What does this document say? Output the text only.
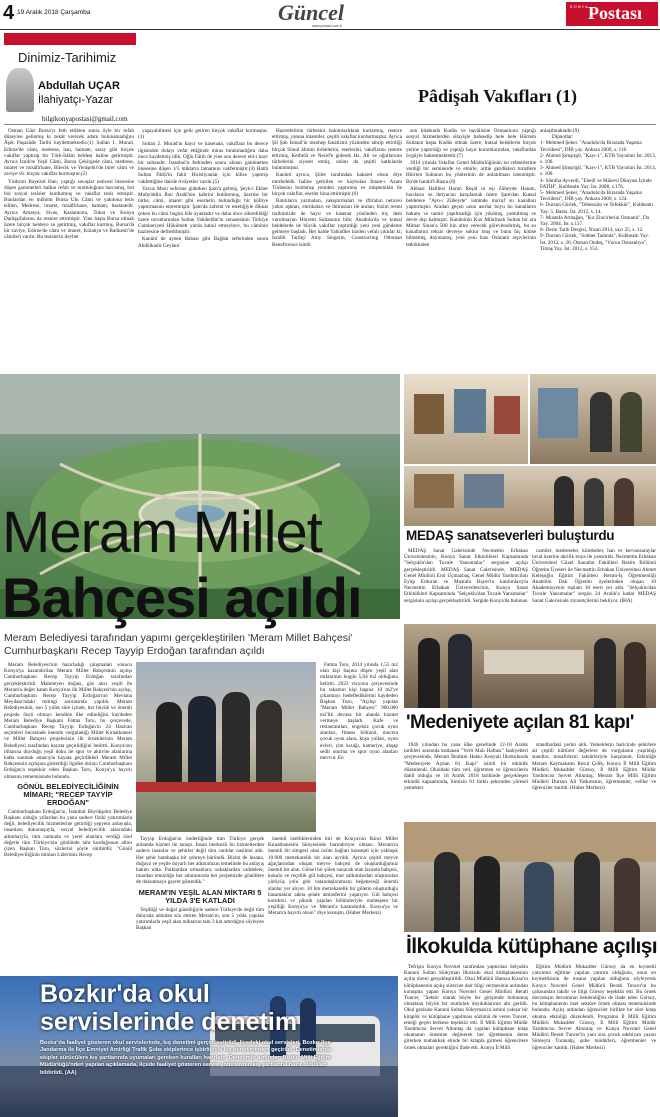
4 19 Aralık 2018 Çarşamba	Güncel
www.postaci.com.tr
KONYA Postası
Dinimiz-Tarihimiz
Abdullah UÇAR
İlahiyatçı-Yazar
bilgikonyapostasi@gmail.com
Pâdişah Vakıfları (1)

Osman Gâzi Bursa'yı feth ettikten sonra öyle bir refah düzeyine gelinmiş ki zekât verecek adam bulunamadığını Âşık Paşazâde Tarihi kaydetmektedir.(1) Sultan I. Murad, Edirne'de câmi, medrese, han, hamam, saray gibi birçok vakıflar yaptırıp bir Türk-İslâm beldesi haline getirmiştir. Ayrıca İznik'te Yeşil Câmi, Bursa Çekirgede câmi, medrese, imaret ve misâfirhane, Bilecik ve Yenişehir'de birer câmi ve zaviye vb. birçok vakıflar kurmuştur.(2)

Yıldırım Bayezid Han; yaptığı savaşlar neticesi hissesine düşen ganimetleri halkın refah ve mutluluğuna harcamış, bol bol sosyal tesisler kurdurmuş ve vakıflar tesis etmiştir. Bunlardan en mühimi Bursa Ulu Câmi ve yakınına tesis edilen, Medrese, imaret, misâfirhane, hamam, hastanedir. Ayrıca Amasya, Sivas, Kastamonu, Tokat ve Konya Darüşşifalarını da restore ettirmiştir. Yine başta Bursa olmak üzere birçok beldeye su getirtmiş, vakıflar kurmuş, Bursa'da bir zaviye, Edirne'de câmi ve imaret, Kütahya ve Balıkesir'de câmileri vardır. Bu tesislerin ileybet

yaşayabilmesi için gelir getiren birçok vakıflar kurmuştur.(3)

Sultan 2. Murad'ın hayır ve hasenata, vakıflara bu derece ilgisinden dolayı vefat ettiğinde miras bırakmadığını daha önce kaydetmiş idik. Oğlu Fâtih de yine son derece ehl-i hayr bir sultandır. İstanbul'u fethinden sonra alınan ganimetten hissesine düşen 1/5 miktarın tamamını vakfetmiştir.(4) Hattâ Sultan Fâtih'in fakir Hıristiyanlar için kilise yaptırıp vakfettiğine dairde rivâyetler vardır.(5)

Yavuz Mısır seferine giderken Şam'a gelmiş, Şeyh-i Ekber Muhyiddin İbni Arabî'nin kabrini buldurmuş, üzerine bir türbe, câmi, imaret gibi eserlerin bulunduğu bir külliye yaptırmasını emretmiştir. Şam'da zaferat ve estetiğiyle dikkat çeken bu câmi bugün bile ayaktadır ve daha önce zikredildiği üzere torunlarından Sultan Vahdeddin'in cenazesinin Türkiye Cumhuriyeti Hükümeti yurda kabul etmeyince, bu câminin haziresine defnedilmiştir.

Kanûnî de aynen Babası gibi Bağdat seferinden sonra Abdülkadir Geylani

Hazretlerinin türbesini bakımsızlıktan kurtarmış, restore ettirmiş, yanına imaretler, çeşitli vakıflar kurdurmuştur. Ayrıca Şil Şah İsmail'in mezhep fanatizmi yüzünden tahrip ettirdiği birçok Sünnî âlimin türbelerini, eserlerini, vakıflarını restore ettirmiş, Kerbelâ ve Necef'e giderek Hz. Ali ve oğullarının türbelerini ziyaret etmiş, onları da çeşitli katkılarda bulunmuştur.

Kanûnî ayrıca, Şiiler tarafından hakaret olsun diye mezbelelik haline getirilen ve kaybolan İmam-ı Azam Türbesini buldurup yeniden yaptırmış ve müştemilâtı ile birçok vakıflar, eserler bina ettirmiştir.(6)

Batılıların yazmaları, yakıştırmaları ve iftiraları neticesi yahni aşkları, entrikaları ve ihtirasları ile anılan, bizim resmi tarihimizde de hayır ve hasenat yönünden hiç dem vurulmayan Hürrem Sultanının bile; Anadolu'da ve kutsal beldelerde ne büyük vakıflar yaptırdığı yeni yeni gündeme gelmeye başladı. Her halde Yahûdîler bizden vefalı çıktılar ki; İsraîlli Tarihçi Amy Singerin, Constructing Ottoman Beneficence isimli

son kitabında Kudüs ve havâlisine Osmanlının yaptığı sosyal hizmetlerden sitayişle bahsedip hele hele Hürrem Sultanın başta Kudüs olmak üzere, kutsal beldelerin birçok yerine yaptırdığı ve yaptığı hayır kurumlarından, vakıflardan övgüyle bahsetmektedir.(7)

2014 yılında Vakıflar Genel Müdürlüğünün tur rehberlerine verdiği bir seminerde ve emirle, arttık gezdikleri turistlere Hürrem Sultanın bu yönlerinin de anlatılması istenmiştir. Bu'de harabi'l-Basra.(8)

Abbasi Halifesi Harun Reşid in eşi Zübeyde Hanım, hacıların su ihtiyacını karşılamak üzere Şam'dan Kutsal beldelere "Ayn-ı Zübeyde" isminde ma'ruf su kanalları yaptırmıştır. Aradan geçen uzun asırlar boyu bu kanalların bakımı ve tamiri yapılmadığı için yıkılmış, yamulmuş ve devre dışı kalmıştır. Kanûnînin Kızı Mihrimah Sultan bir ara Mimar Sinan'a 500 bin altın verecek görevlendirmiş, bu su kanallarını tekrar devreye soktur muş ve bunu hiç kimse bilmemiş, duymamış, yeni yeni bazı Osmanlı arşivlerinin tetkikinden

anlaşılmaktadır.(9)
Dipnotlar:
1- Mehmed Şeker. "Anadolu'da Bırarada Yaşama Tecrübesi", DİB yay. Ankara 2000, s. 116.
2- Ahmed Şimşirgil, "Kayı-1", KTB Yayınları İst. 2013, s. 100.
3- Ahmed Şimşirgil, "Kayı-1", KTB Yayınları İst. 2013, s. 100.
4- Sâmiha Ayverdi, "Ehedî ve Mânevî Dünyası İçinde FATİH", Kubbealtı Yay. İst. 2008, s.176.
5- Mehmed Şeker, "Anadolu'da Bırarada Yaşama Tecrübesi", DİB yay. Ankara 2000, s. 124.
6- Dursun Gürlek, "Tebessüm ve Tefekkür", Kubbealtı Yay. 5. Baskı, İst. 2012, s. 14.
7- Mustafa Armağan, "Kır Zincirlerini Osmanlı", Da Yay. 2004, İst. s.137.
8- Derin Tarih Dergisi, Nisan 2014, sayı 25, s. 12.
9- Dursun Gürlek, "Sohbet Tadında", Kubbealtı Yay. İst. 2012, s. 26; Osman Ondeş, "Vurun Osmanlıya", Timaş Yay. İst. 2012, s. 153.
MEDAŞ sanatseverleri buluşturdu

MEDAŞ Sanat Galerisinde Necmettin Erbakan Üniversitesinin, Konya Sanat Etkinlikleri Kapsamında "Selçuklu'dan Tuvale Yansımalar" sergisine açılışı gerçekleştirildi. MEDAŞ Sanat Galerisinde, MEDAŞ Genel Müdürü Erol Uçmazbaş, Genel Müdür Yardımcıları Eyüp Erduran ve Mustafa Bayer'in katılımlarıyla Necmettin Erbakan Üniversitesi'nin, Konya Sanat Etkinlikleri Kapsamında "Selçuklu'dan Tuvale Yansımalar" sergisinin açılışı gerçekleştirildi. Sergide Konya'da bulunan

camiler, medreseler, kümbetler, han ve kervansaraylar tuval üzerine akrilik boya ile yansıtıldı. Necmettin Erbakan Üniversitesi Güzel Sanatlar Fakültesi Resim Bölümü Öğretim Üyeleri ile Necmettin Erbakan Üniversitesi Ahmet Keleşoğlu Eğitim Fakültesi Resim-İş Öğretmenliği Anabilim Dalı Öğretim üyelerinden oluşan 10 Akademisyenin toplam 30 eseri yer aldı. "Selçuklu'dan Tuvale Yansımalar" sergisi 24 Aralık'a kadar MEDAŞ Sanat Galerisinde ziyaretçilerini bekliyor. (İHA)

Meram Millet
Bahçesi açıldı
Meram Belediyesi tarafından yapımı gerçekleştirilen 'Meram Millet Bahçesi' Cumhurbaşkanı Recep Tayyip Erdoğan tarafından açıldı

Meram Belediyesi'nin hazırladığı çalışmaları sonucu Konya'ya kazandırılan Meram Millet Bahçesinin açılışı Cumhurbaşkanı Recep Tayyip Erdoğan tarafından gerçekleştirildi. Mahmeyen doğası, göz alıcı yeşili ile Meram'a değer katan Konya'nın ilk Millet Bahçesi'nin açılışı, Cumhurbaşkanı Recep Tayyip Erdoğan'nın Mevlana Meydanı'ndaki mitingi sonrasında yapıldı. Meram Belediyesinin, son 5 yıllık süre içinde, her büyük ve önemli projede öncü olmayı kendine ilke edindiğini kaydeden Meram Belediye Başkanı Fatma Toru, bu çerçevede, Cumhurbaşkanı Recep Tayyip Erdoğan'ın 24 Haziran seçimleri öncesinde önemle vurguladığı Millet Kıraathanesi ve Millet Bahçesi projelerinin ilk örneklerinin Meram Belediyesi tarafından hayata geçirildiğini belirtti. Konya'nın itibarına duyduğu yeşil doku ile spor ve aktivite alanlarına katkı sunmak amacıyla hayata geçirdikleri Meram Millet Bahçesinin açılışına gösterdiği ilgiden dolayı Cumhurbaşkanı Erdoğan'a teşekkür eden Başkan Toru, Konya'ya hayırlı olmasını temennisinde bulundu.

GÖNÜL BELEDİYECİLİĞİNİN MİMARI; "RECEP TAYYİP ERDOĞAN"

Cumhurbaşkanı Erdoğan'ın, İstanbul Büyükşehir Belediye Başkanı olduğu yıllardan bu yana sadece fiziki yatırımlarla değil, belediyecilik hizmetlerine getirdiği yepyeni anlayışla, insanlara dokunuşuyla, sosyal belediyecilik alanındaki adımlarıyla, tüm camiada ve yerel alanlara verdiği özel değerle tüm Türkiye'nin gönlünde taht kurduğunun altını çizen Başkan Toru, sözlerini şöyle sürdürdü; "Gönül Belediyeciliğinin mimarı Liderimiz Recep

Fatma Toru, 2014 yılında 1,55 m2 olan kişi başına düşen yeşil alan miktarının bugün 5,64 m2 olduğunu belirtti. 2023 vizyonu çerçevesinde bu rakamın kişi başına 10 m2'ye çıkarmayı hedeflediklerini kaydeden Başkan Toru, "Açılışı yapılan "Meram Millet Bahçesi" 900.000 m2'lik devasa bir alanda hizmet vermeye başladı. Kafe ve restaurantları, engelsiz çocuk oyun alanları, fitness bölümü, mucera çocuk oyun alanı, koşu yolları, oyun evleri, çim kızağı, kameriye, ahşap sedir oturma ve spor oyun alanları mevcut. En

Tayyip Erdoğan'ın önderliğinde tüm Türkiye gerçek anlamda hizmet ile tanıştı. İnsan merkezli bu hizmetlerden sadece insanlar ve şehirler değil tüm canlılar nasibini aldı. Her şehir bambaşka bir çehreye büründü. Bizim de insana, doğaya ve yeşile duyarlı her adımımızın temelinde bu anlayış hakim olda. Parklardan ormanlara, sokaklardan caddelere, imardan temizliğe her adımımızda her projemizde gönüllere de dokunmaya gayret gösterdik."

MERAM'IN YEŞİL ALAN MİKTARI 5 YILDA 3'E KATLADI

Yeşilliği ve doğal güzelliğiyle sadece Türkiye'de değil tüm dünyada adından söz ettiren Meram'ın, son 5 yılda yapılan yatırımlarla yeşil alan miktarını tam 3 kat artırdığını söyleyen Başkan

önemli özelliklerinden biri de Konya'nın İkinci Millet Kıraathanesini bünyesinde barındırıyor olması. Meram'ın önemli bir simgesi olan üzüm bağları konsepti için yaklaşık 10.000 metrekarelik bir alan ayrıldı. Ayrıca çeşitli meyve ağaçlarından oluşan meyve bahçesi de oluşturduğumuz önemli bir alan. Görsel bir şölen sunacak olan lavanta bahçesi, kokulu ve reçellik gül bahçesi, mor salkımlardan oluşturulan yürüyüş yolu gibi vatandaşlarımızın beğeneceği önemli alanlar yer alıyor. 10 bin metrekarelik bir göletin oluşturduğu basamaklar adeta şelale atmosferini yaşatıyor. Gül bahçesi koridoru ve piknik yapılan bölümleriyle muhteşem bir yeşilliği Konya'ya ve Meram'a kazandırdık. Konya'ya ve Meram'a hayırlı olsun" diye konuştu. (Haber Merkezi)

'Medeniyete açılan 81 kapı'

1946 yılından bu yana ülke genelinde 12-18 Aralık tarihleri arasında kutlanan "Yerli Malı Haftası" faaliyetleri çerçevesinde, Meram İbrahim Hakkı Konyalı İlkokulunda "Medeniyete Açılan 81 Kapı" isimli bir etkinlik düzenlendi. Okuldaki tüm veli, öğretmen ve öğrencilerin dahil olduğu ve 18 Aralık 2018 tarihinde gerçekleşen etkinlik kapsamında, ilimizin 81 farklı şehrinden yöresel yemekler

standlardaki yerini aldı. Yemeklerin haricinde şehirlere ait çeşitli kültürel değerlere de vurgulanın yapıldığı standlar, misafirlerin takdirleriyle karşılandı. Etkinliğe Meram Kaymakamı Resul Çelik, Konya İl Milli Eğitim Müdürü Mukadder Gürsoy, İl Milli Eğitim Müdür Yardımcısı Servet Altuntaş, Meram İlçe Milli Eğitim Müdürü Dursun Ali Yatkınsıtın, öğretmenler, veliler ve öğrenciler katıldı. (Haber Merkezi)

İlkokulda kütüphane açılışı

Tefrişin Konya Novotel tarafından yaptırılan Selçuklu Kanuni Sultan Süleyman İlkokulu okul kütüphanesinin açılış töreni gerçekleştirildi. Okul Müdürü Hamza Kıraz'ın kütüphanenin açılış sürecine dair bilgi vermesinin ardından konuşma yapan Konya Novotel Genel Müdürü Berati Tuncer, "Sektör olarak böyle bir girişimde bulunmuş olmaktan büyük bir mutluluk duyduklarının altı gerildi. Okul gezisine Kanuni Sultan Süleyman'ın ismini yakışır bir kitaplık ve kütüphane yapılması sözümü de veren Tuncer, emeği geçen herkese teşekkür etti. İl Milli Eğitim Müdür Yardımcısı Servet Altuntaş da yapılan kütüphane kitap okumanın önemine değinerek her öğretmenin derse girerken muhakkak elinde bir kitapla girmesi öğrencilere örnek olmaları gerektiğini ifade etti. Konya İl Milli

Eğitim Müdürü Mukadder Gürsoy da en kıymetli yatırımın eğitime yapılan yatırım olduğunu, onun en kıymetlisinin de insana yapılan olduğunu söyleyerek Konya Novotel Genel Müdürü Berati Tuncer'in bu çabasından takdir ve bilgi Gürsoy teşekkür etti. Bu örnek davranışın devamının beklendiğini de ifade eden Gürsoy, bu kütüphanenin özel sektöre örnek olması temennisinde bulundu. Açılış ardından öğrenciler birlikte bir süre kitap okuma etkinliği düzenlendi. Programa İl Milli Eğitim Müdürü Mukadder Gürsoy, İl Milli Eğitim Müdür Yardımcısı Servet Altuntaş ve Konya Novotel Genel Müdürü Berati Tuncer'in yanı sıra çocuk edebiyatı yazarı Sümeyra Turanalp, şube müdürleri, öğretmenler ve öğrenciler katıldı. (Haber Merkezi)

Bozkır'da okul
servislerinde denetim
Bozkır'da faaliyet gösteren okul servislerinde, kış denetimi gerçekleştirildi. İlçedeki okul servisleri, Bozkır İlçe Jandarma ile İlçe Emniyet Amirliği Trafik Şube ekiplerince işbirliğiyle kış denetiminden geçirildi. Denetimlerde ekipler sürücülere kış şartlarında uyumaları gereken kuralları hatırlattı. Denetimin ardından Bozkır Milli Eğitim Müdürlüğü'nden yapılan açıklamada, ilçede faaliyet gösteren servis şoförlerinin kış şartlarına hazır oldukları bildirildi. (AA)
